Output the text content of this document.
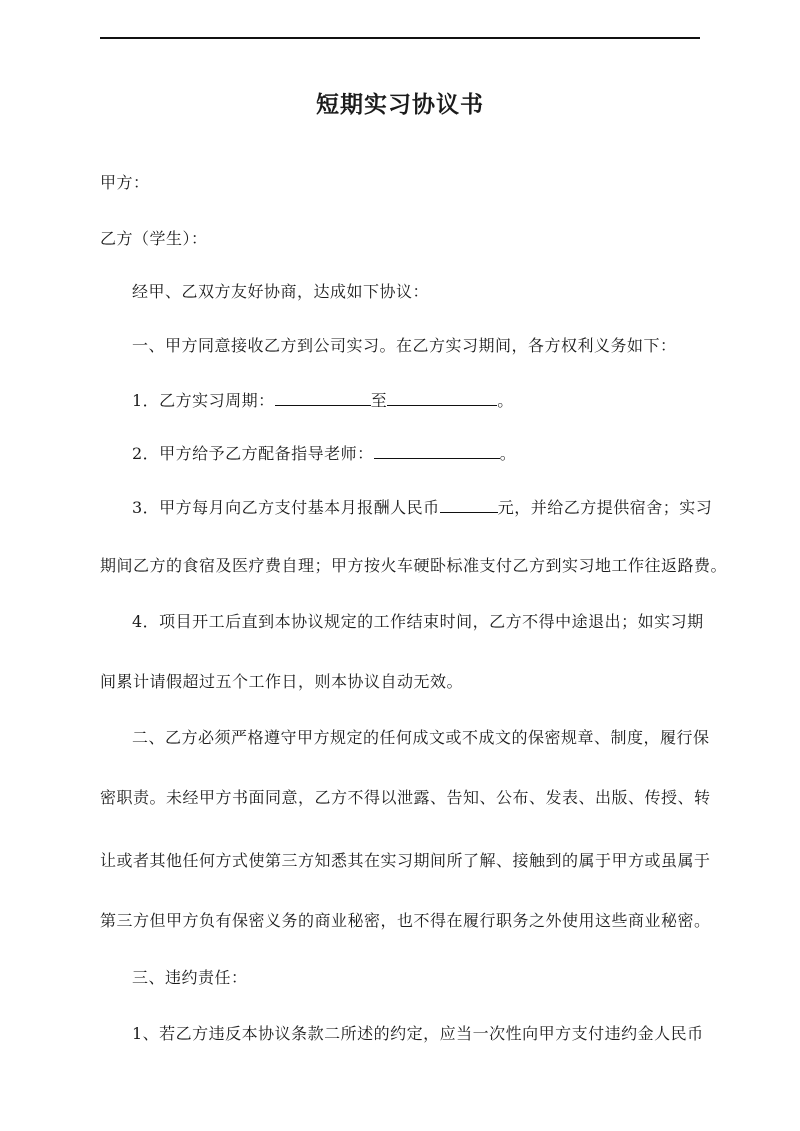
短期实习协议书
甲方：
乙方（学生）：
经甲、乙双方友好协商，达成如下协议：
一、甲方同意接收乙方到公司实习。在乙方实习期间，各方权利义务如下：
1．乙方实习周期：	至	。
2．甲方给予乙方配备指导老师：	。
3．甲方每月向乙方支付基本月报酬人民币	元，并给乙方提供宿舍；实习
期间乙方的食宿及医疗费自理；甲方按火车硬卧标准支付乙方到实习地工作往返路费。
4．项目开工后直到本协议规定的工作结束时间，乙方不得中途退出；如实习期
间累计请假超过五个工作日，则本协议自动无效。
二、乙方必须严格遵守甲方规定的任何成文或不成文的保密规章、制度，履行保
密职责。未经甲方书面同意，乙方不得以泄露、告知、公布、发表、出版、传授、转
让或者其他任何方式使第三方知悉其在实习期间所了解、接触到的属于甲方或虽属于
第三方但甲方负有保密义务的商业秘密，也不得在履行职务之外使用这些商业秘密。
三、违约责任：
1、若乙方违反本协议条款二所述的约定，应当一次性向甲方支付违约金人民币
